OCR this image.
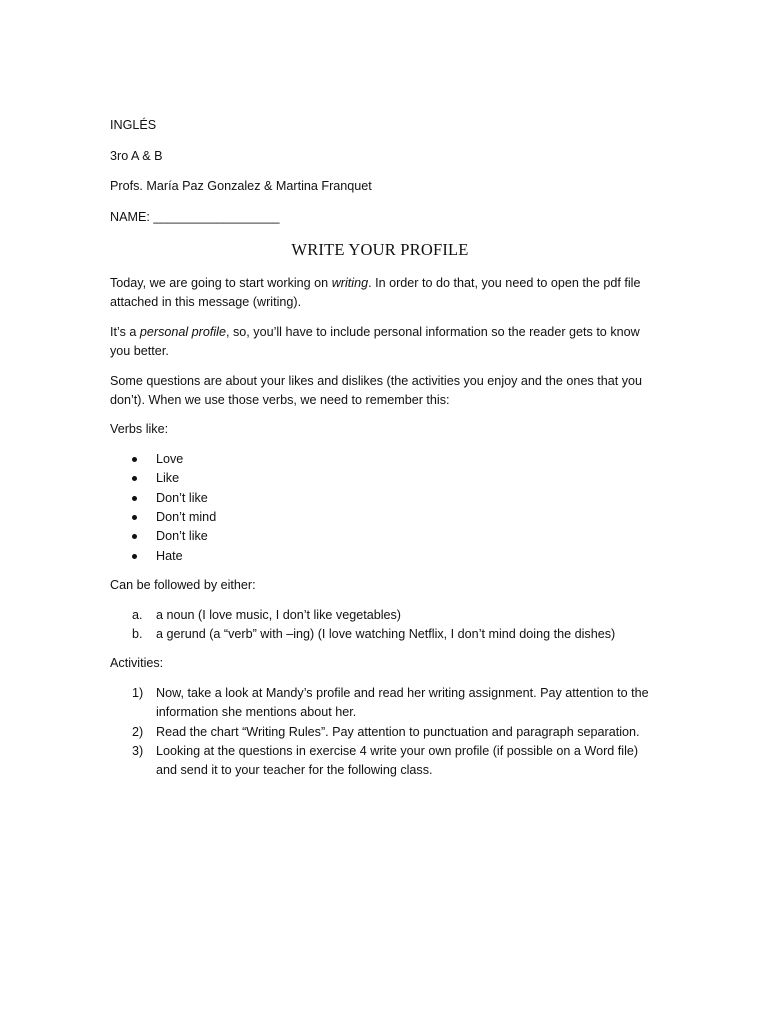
INGLÉS

3ro A & B

Profs. María Paz Gonzalez & Martina Franquet

NAME: __________________

WRITE YOUR PROFILE

Today, we are going to start working on writing. In order to do that, you need to open the pdf file attached in this message (writing).

It’s a personal profile, so, you’ll have to include personal information so the reader gets to know you better.

Some questions are about your likes and dislikes (the activities you enjoy and the ones that you don’t). When we use those verbs, we need to remember this:

Verbs like:

Love
Like
Don’t like
Don’t mind
Don’t like
Hate

Can be followed by either:

a. a noun (I love music, I don’t like vegetables)
b. a gerund (a “verb” with –ing) (I love watching Netflix, I don’t mind doing the dishes)

Activities:

1) Now, take a look at Mandy’s profile and read her writing assignment. Pay attention to the information she mentions about her.
2) Read the chart “Writing Rules”. Pay attention to punctuation and paragraph separation.
3) Looking at the questions in exercise 4 write your own profile (if possible on a Word file) and send it to your teacher for the following class.
